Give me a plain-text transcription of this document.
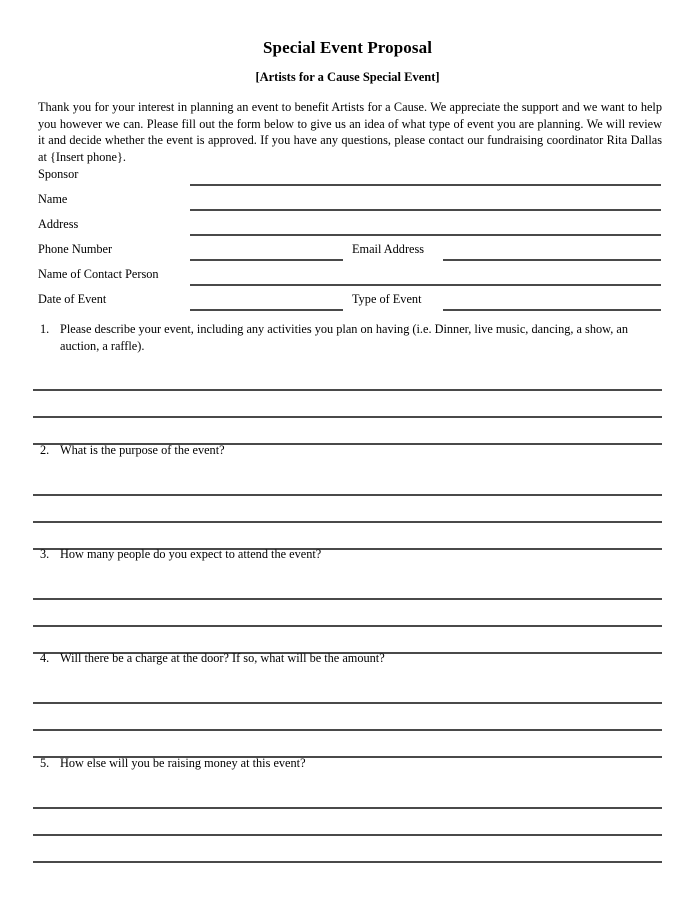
Special Event Proposal
[Artists for a Cause Special Event]
Thank you for your interest in planning an event to benefit Artists for a Cause. We appreciate the support and we want to help you however we can. Please fill out the form below to give us an idea of what type of event you are planning. We will review it and decide whether the event is approved. If you have any questions, please contact our fundraising coordinator Rita Dallas at {Insert phone}.
Sponsor
Name
Address
Phone Number	Email Address
Name of Contact Person
Date of Event	Type of Event
1. Please describe your event, including any activities you plan on having (i.e. Dinner, live music, dancing, a show, an auction, a raffle).
2. What is the purpose of the event?
3. How many people do you expect to attend the event?
4. Will there be a charge at the door? If so, what will be the amount?
5. How else will you be raising money at this event?
